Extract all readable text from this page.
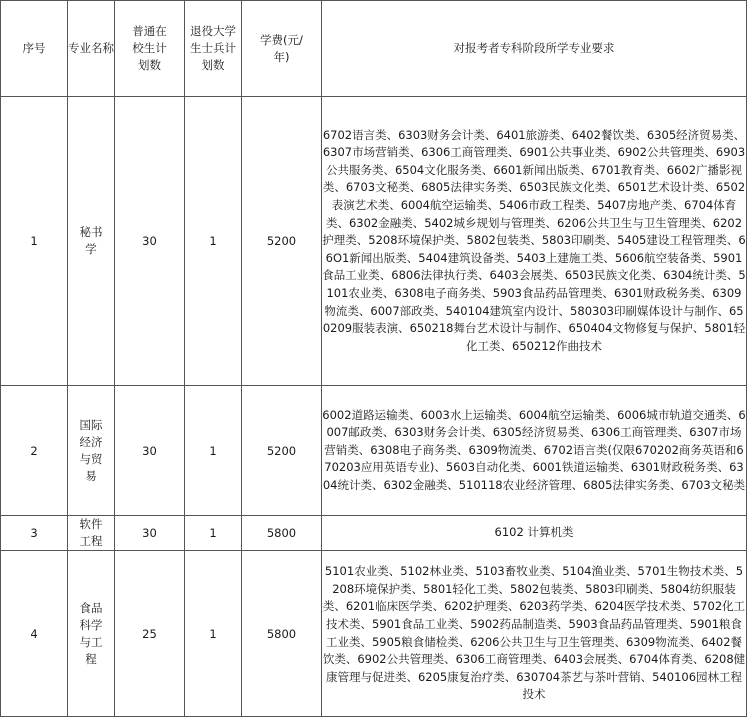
序号	专业名称	普通在校生计划数	退役大学生士兵计划数	学费(元/年)	对报考者专科阶段所学专业要求
1	秘书学	30	1	5200	6702语言类、6303财务会计类、6401旅游类、6402餐饮类、6305经济贸易类、6307市场营销类、6306工商管理类、6901公共事业类、6902公共管理类、6903公共服务类、6504文化服务类、6601新闻出版类、6701教育类、6602广播影视类、6703文秘类、6805法律实务类、6503民族文化类、6501艺术设计类、6502表演艺术类、6004航空运输类、5406市政工程类、5407房地产类、6704体育类、6302金融类、5402城乡规划与管理类、6206公共卫生与卫生管理类、6202护理类、5208环境保护类、5802包装类、5803印刷类、5405建设工程管理类、66O1新闻出版类、5404建筑设备类、5403上建施工类、5606航空装备类、5901食品工业类、6806法律执行类、6403会展类、6503民族文化类、6304统计类、5101农业类、6308电子商务类、5903食品药品管理类、6301财政税务类、6309物流类、6007部政类、540104建筑室内设计、580303印刷媒体设计与制作、650209服装表演、650218舞台艺术设计与制作、650404文物修复与保护、5801轻化工类、650212作曲技术
2	国际经济与贸易	30	1	5200	6002道路运输类、6003水上运输类、6004航空运输类、6006城市轨道交通类、6007邮政类、6303财务会计类、6305经济贸易类、6306工商管理类、6307市场营销类、6308电子商务类、6309物流类、6702语言类(仅限670202商务英语和670203应用英语专业)、5603自动化类、6001铁道运输类、6301财政税务类、6304统计类、6302金融类、510118农业经济管理、6805法律实务类、6703文秘类
3	软件工程	30	1	5800	6102 计算机类
4	食品科学与工程	25	1	5800	5101农业类、5102林业类、5103畜牧业类、5104渔业类、5701生物技术类、5208环境保护类、5801轻化工类、5802包装类、5803印刷类、5804纺织服装类、6201临床医学类、6202护理类、6203药学类、6204医学技术类、5702化工技术类、5901食品工业类、5902药品制造类、5903食品药品管理类、5901粮食工业类、5905粮食储检类、6206公共卫生与卫生管理类、6309物流类、6402餐饮类、6902公共管理类、6306工商管理类、6403会展类、6704体育类、6208健康管理与促进类、6205康复治疗类、630704茶艺与茶叶营销、540106园林工程投术
